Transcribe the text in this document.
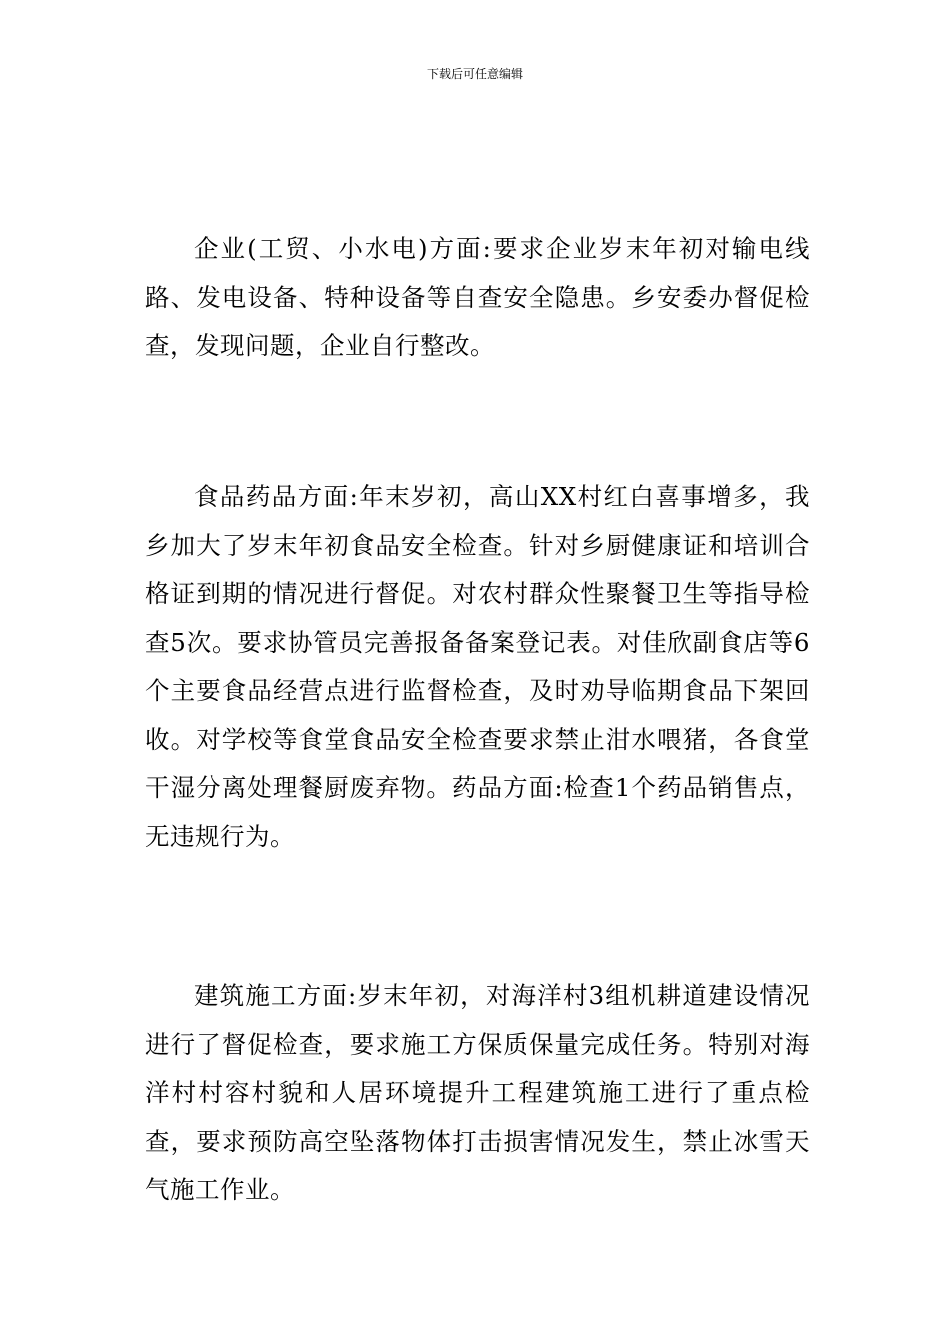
下载后可任意编辑

企业(工贸、小水电)方面:要求企业岁末年初对输电线路、发电设备、特种设备等自查安全隐患。乡安委办督促检查，发现问题，企业自行整改。

食品药品方面:年末岁初，高山XX村红白喜事增多，我乡加大了岁末年初食品安全检查。针对乡厨健康证和培训合格证到期的情况进行督促。对农村群众性聚餐卫生等指导检查5次。要求协管员完善报备备案登记表。对佳欣副食店等6个主要食品经营点进行监督检查，及时劝导临期食品下架回收。对学校等食堂食品安全检查要求禁止泔水喂猪，各食堂干湿分离处理餐厨废弃物。药品方面:检查1个药品销售点，无违规行为。

建筑施工方面:岁末年初，对海洋村3组机耕道建设情况进行了督促检查，要求施工方保质保量完成任务。特别对海洋村村容村貌和人居环境提升工程建筑施工进行了重点检查，要求预防高空坠落物体打击损害情况发生，禁止冰雪天气施工作业。
